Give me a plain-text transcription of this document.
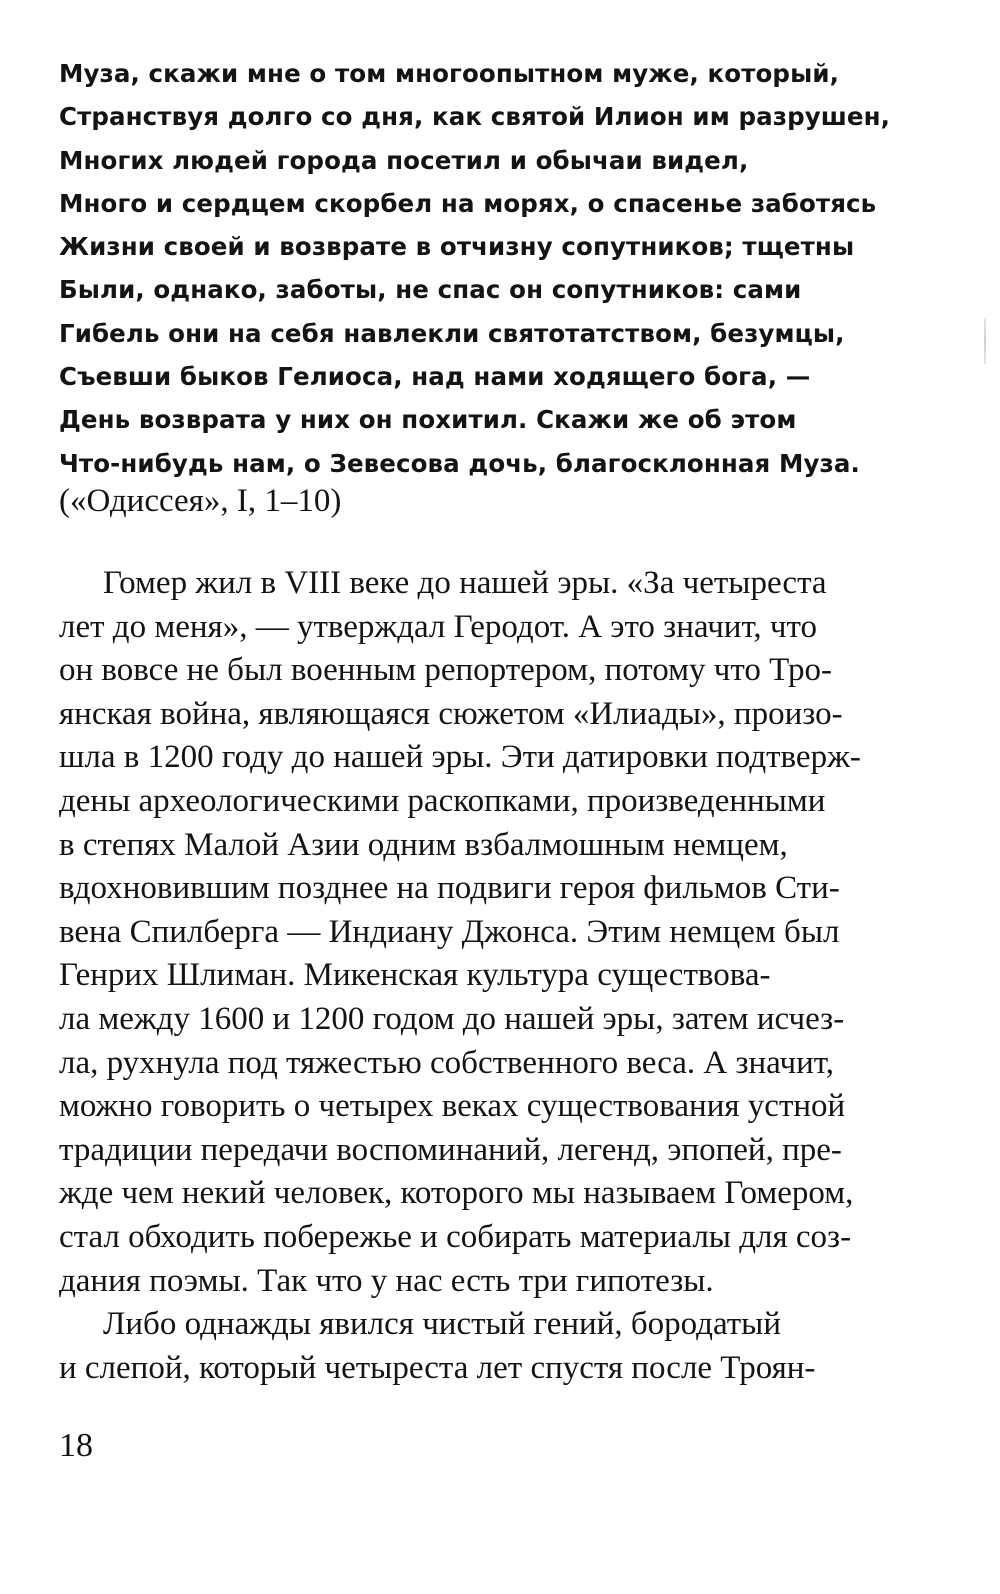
Муза, скажи мне о том многоопытном муже, который,
Странствуя долго со дня, как святой Илион им разрушен,
Многих людей города посетил и обычаи видел,
Много и сердцем скорбел на морях, о спасенье заботясь
Жизни своей и возврате в отчизну сопутников; тщетны
Были, однако, заботы, не спас он сопутников: сами
Гибель они на себя навлекли святотатством, безумцы,
Съевши быков Гелиоса, над нами ходящего бога, —
День возврата у них он похитил. Скажи же об этом
Что-нибудь нам, о Зевесова дочь, благосклонная Муза.
(«Одиссея», I, 1–10)
Гомер жил в VIII веке до нашей эры. «За четыреста
лет до меня», — утверждал Геродот. А это значит, что
он вовсе не был военным репортером, потому что Тро-
янская война, являющаяся сюжетом «Илиады», произо-
шла в 1200 году до нашей эры. Эти датировки подтверж-
дены археологическими раскопками, произведенными
в степях Малой Азии одним взбалмошным немцем,
вдохновившим позднее на подвиги героя фильмов Сти-
вена Спилберга — Индиану Джонса. Этим немцем был
Генрих Шлиман. Микенская культура существова-
ла между 1600 и 1200 годом до нашей эры, затем исчез-
ла, рухнула под тяжестью собственного веса. А значит,
можно говорить о четырех веках существования устной
традиции передачи воспоминаний, легенд, эпопей, пре-
жде чем некий человек, которого мы называем Гомером,
стал обходить побережье и собирать материалы для соз-
дания поэмы. Так что у нас есть три гипотезы.
Либо однажды явился чистый гений, бородатый
и слепой, который четыреста лет спустя после Троян-
18
